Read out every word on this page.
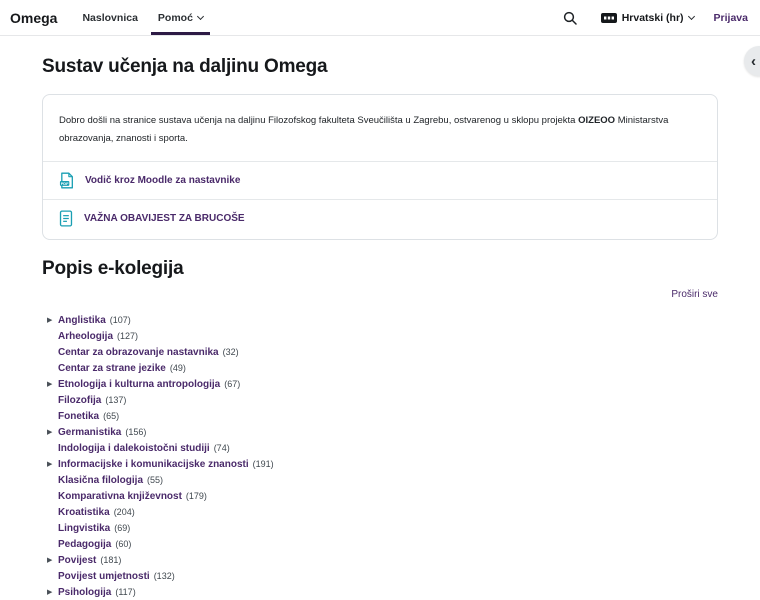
Omega Naslovnica Pomoć	Hrvatski (hr)	Prijava
‹
Sustav učenja na daljinu Omega

Dobro došli na stranice sustava učenja na daljinu Filozofskog fakulteta Sveučilišta u Zagrebu, ostvarenog u sklopu projekta OIZEOO Ministarstva obrazovanja, znanosti i sporta.

PDF Vodič kroz Moodle za nastavnike
VAŽNA OBAVIJEST ZA BRUCOŠE
Popis e-kolegija
Proširi sve
▶ Anglistika (107)
Arheologija (127)
Centar za obrazovanje nastavnika (32)
Centar za strane jezike (49)
▶ Etnologija i kulturna antropologija (67)
Filozofija (137)
Fonetika (65)
▶ Germanistika (156)
Indologija i dalekoistočni studiji (74)
▶ Informacijske i komunikacijske znanosti (191)
Klasična filologija (55)
Komparativna književnost (179)
Kroatistika (204)
Lingvistika (69)
Pedagogija (60)
▶ Povijest (181)
Povijest umjetnosti (132)
▶ Psihologija (117)
